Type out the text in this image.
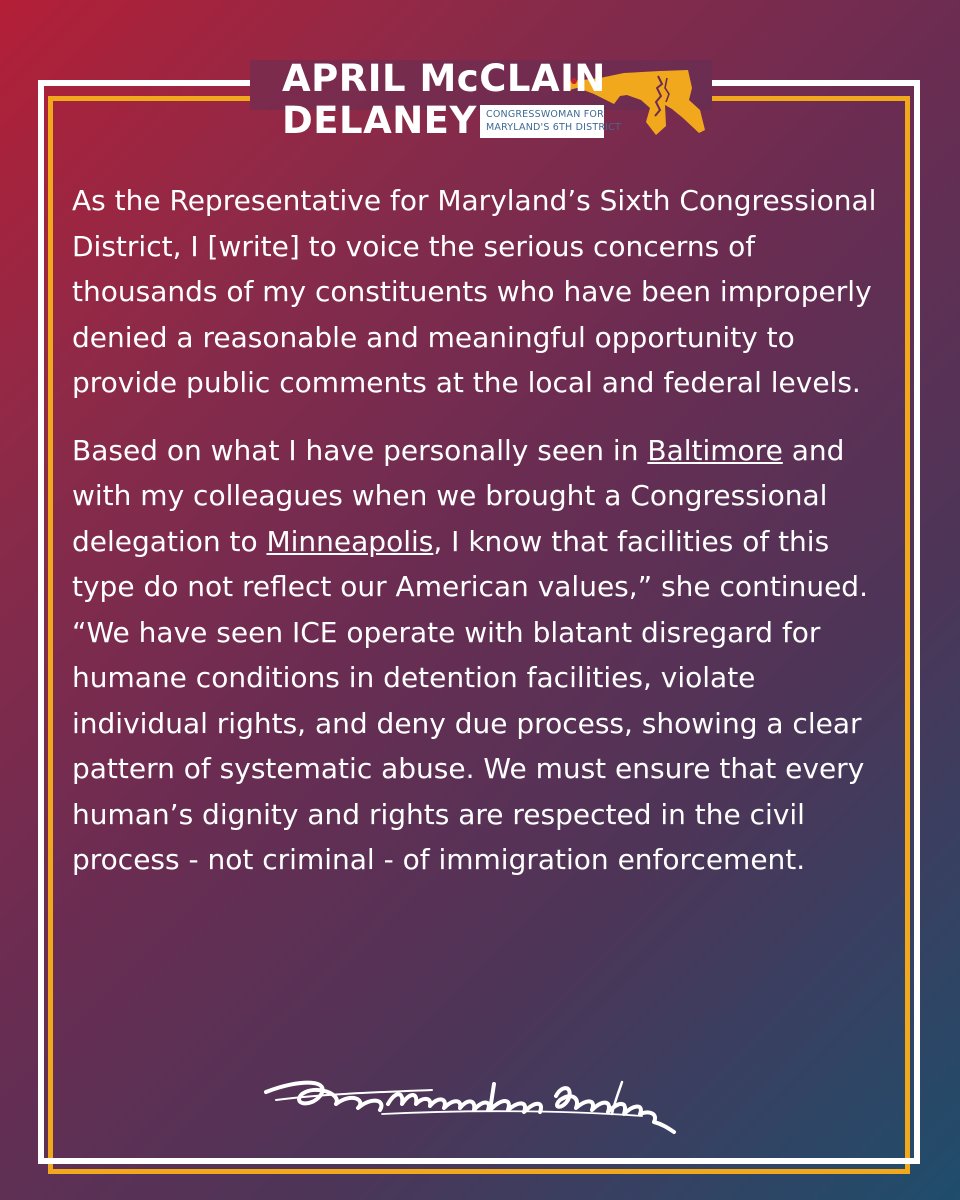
APRIL McCLAIN
DELANEY CONGRESSWOMAN FOR
MARYLAND'S 6TH DISTRICT

As the Representative for Maryland’s Sixth Congressional District, I [write] to voice the serious concerns of thousands of my constituents who have been improperly denied a reasonable and meaningful opportunity to provide public comments at the local and federal levels.

Based on what I have personally seen in Baltimore and with my colleagues when we brought a Congressional delegation to Minneapolis, I know that facilities of this type do not reflect our American values,” she continued. “We have seen ICE operate with blatant disregard for humane conditions in detention facilities, violate individual rights, and deny due process, showing a clear pattern of systematic abuse. We must ensure that every human’s dignity and rights are respected in the civil process - not criminal - of immigration enforcement.
